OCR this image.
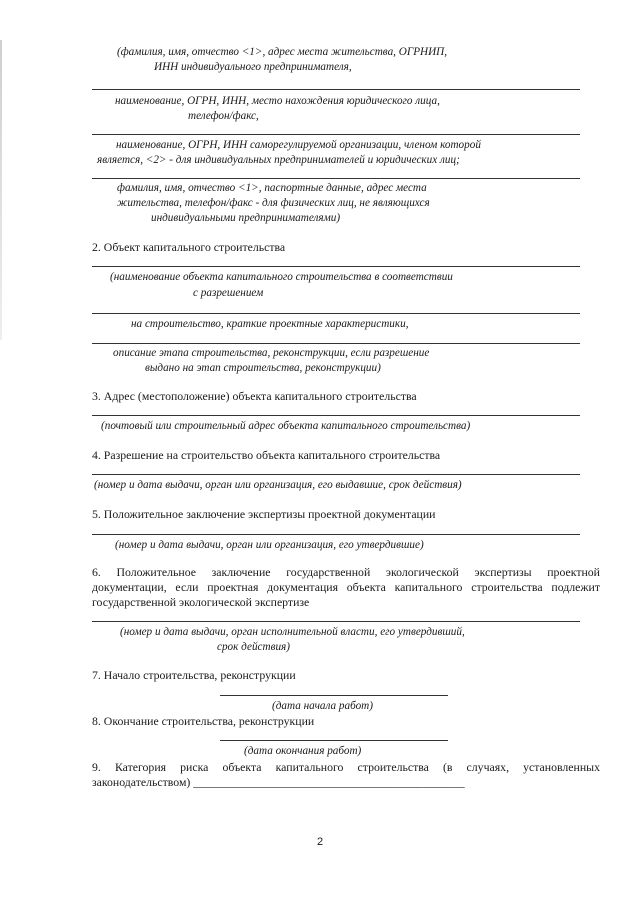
(фамилия, имя, отчество <1>, адрес места жительства, ОГРНИП,
ИНН индивидуального предпринимателя,
наименование, ОГРН, ИНН, место нахождения юридического лица,
телефон/факс,
наименование, ОГРН, ИНН саморегулируемой организации, членом которой
является, <2> - для индивидуальных предпринимателей и юридических лиц;
фамилия, имя, отчество <1>, паспортные данные, адрес места
жительства, телефон/факс - для физических лиц, не являющихся
индивидуальными предпринимателями)
2. Объект капитального строительства
(наименование объекта капитального строительства в соответствии
с разрешением
на строительство, краткие проектные характеристики,
описание этапа строительства, реконструкции, если разрешение
выдано на этап строительства, реконструкции)
3. Адрес (местоположение) объекта капитального строительства
(почтовый или строительный адрес объекта капитального строительства)
4. Разрешение на строительство объекта капитального строительства
(номер и дата выдачи, орган или организация, его выдавшие, срок действия)
5. Положительное заключение экспертизы проектной документации
(номер и дата выдачи, орган или организация, его утвердившие)
6. Положительное заключение государственной экологической экспертизы проектной документации, если проектная документация объекта капитального строительства подлежит государственной экологической экспертизе
(номер и дата выдачи, орган исполнительной власти, его утвердивший,
срок действия)
7. Начало строительства, реконструкции
(дата начала работ)
8. Окончание строительства, реконструкции
(дата окончания работ)
9. Категория риска объекта капитального строительства (в случаях, установленных законодательством) ______________________________________________
2
